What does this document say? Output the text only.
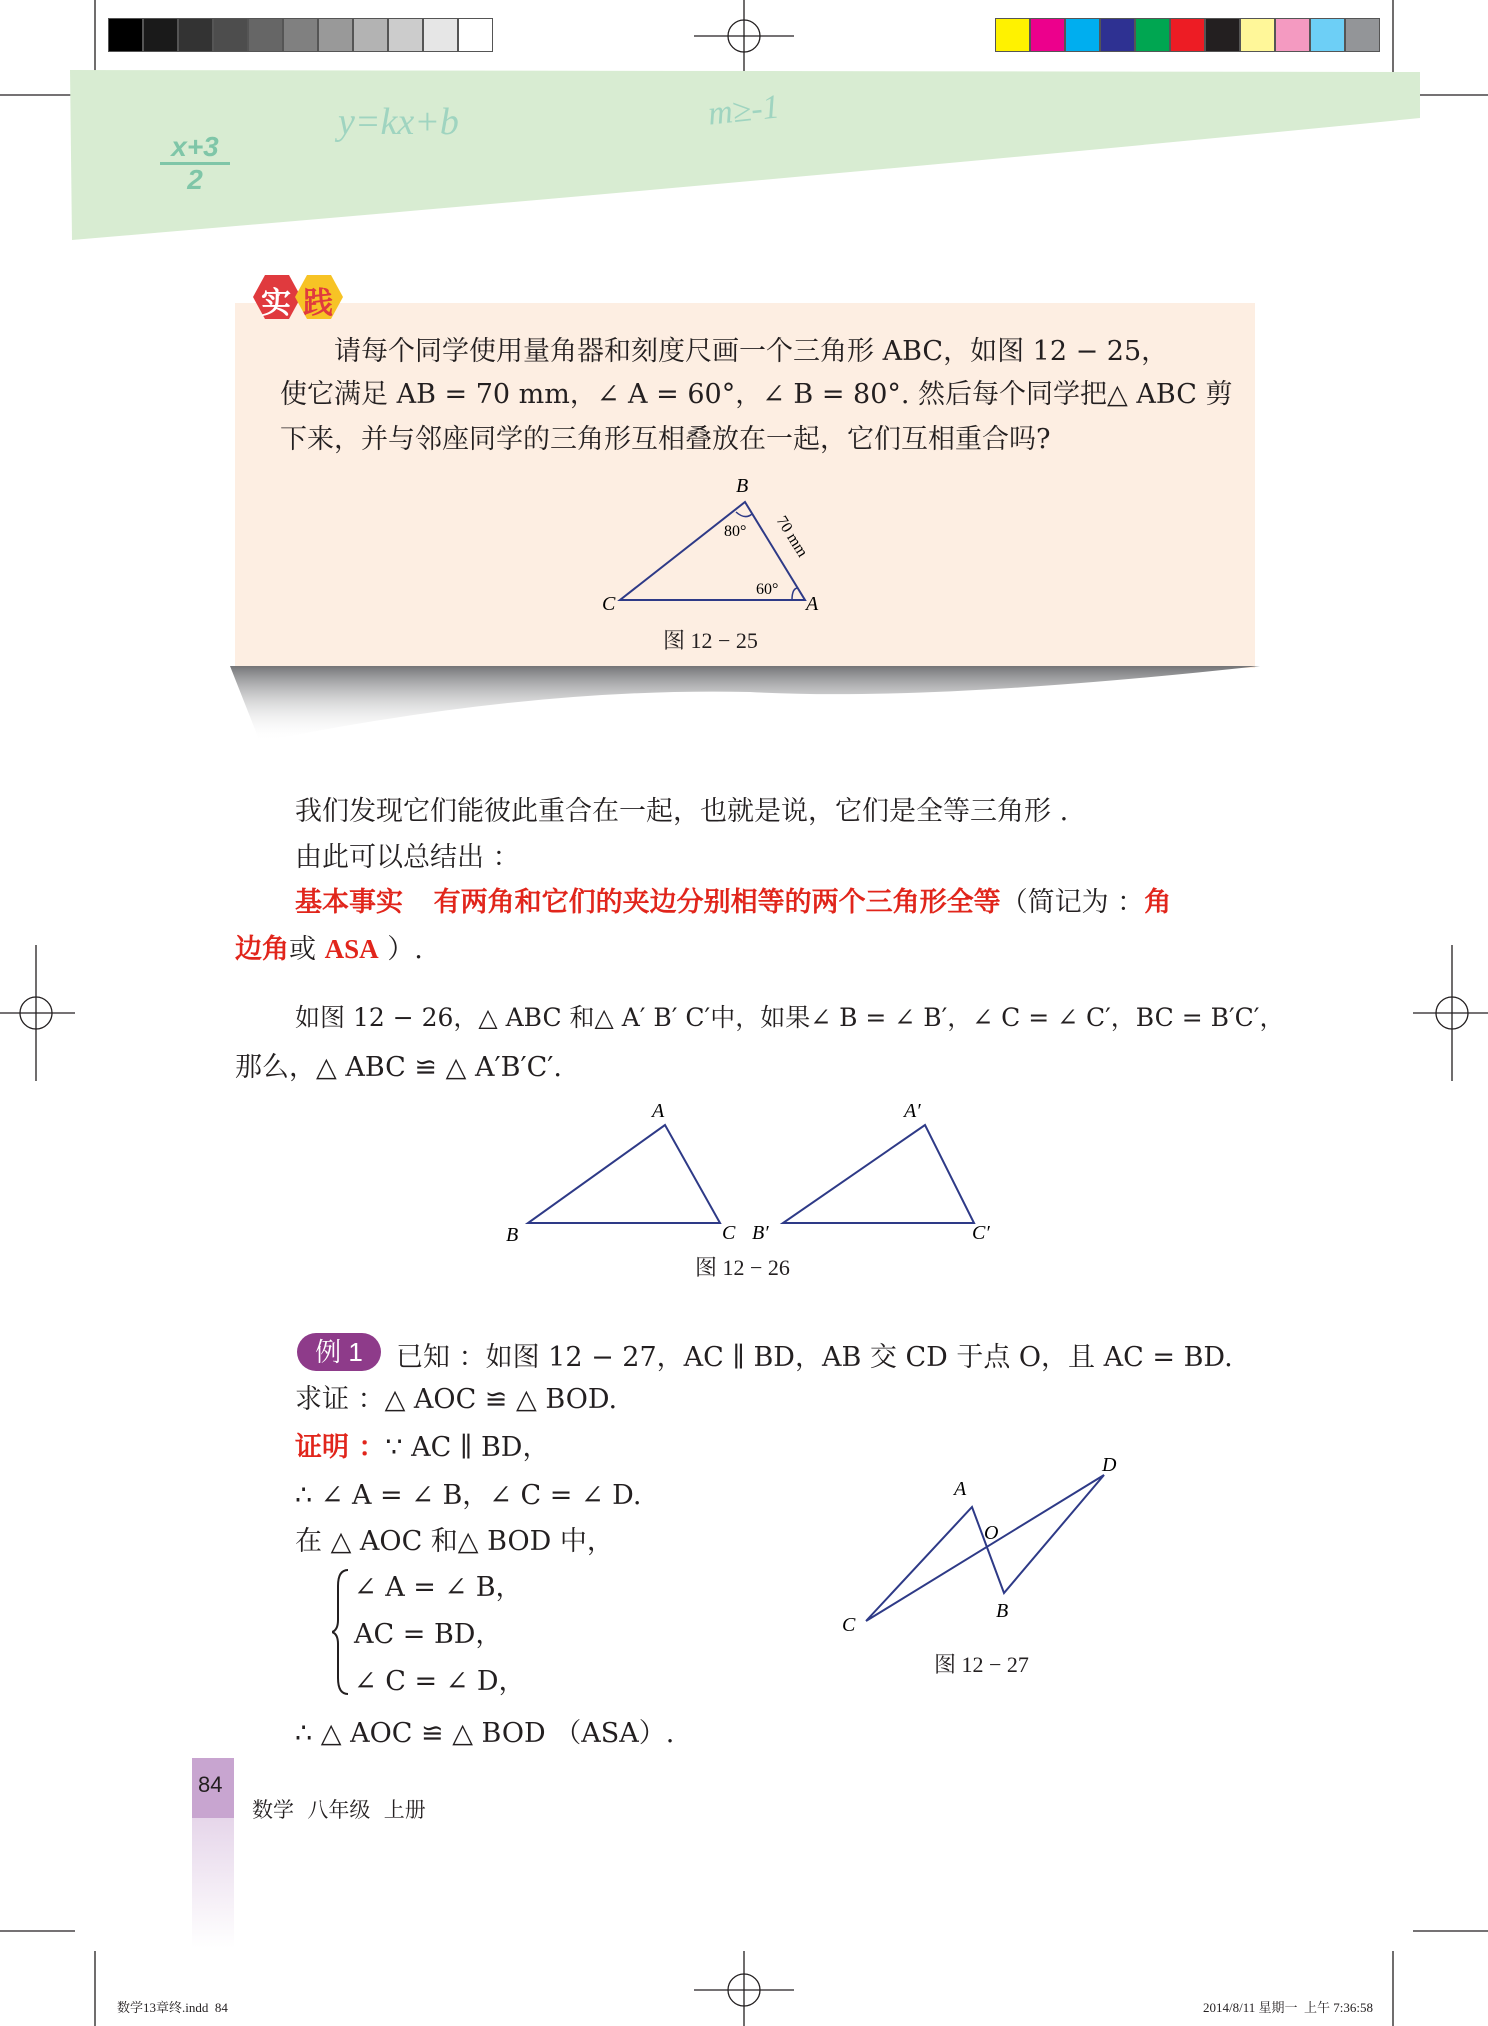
$\frac{x+3}{2}$
y=kx+b	m≥-1
实 践
请每个同学使用量角器和刻度尺画一个三角形 ABC，如图 12 − 25，
使它满足 AB = 70 mm，∠ A = 60°，∠ B = 80°. 然后每个同学把△ ABC 剪
下来，并与邻座同学的三角形互相叠放在一起，它们互相重合吗?
B
C	A
80°
60°
70 mm
图 12 − 25
我们发现它们能彼此重合在一起，也就是说，它们是全等三角形 .
由此可以总结出 ：
基本事实 有两角和它们的夹边分别相等的两个三角形全等（简记为 ：角
边角或 ASA ）.
如图 12 − 26，△ ABC 和△ A′ B′ C′中，如果∠ B = ∠ B′，∠ C = ∠ C′，BC = B′C′，
那么，△ ABC ≌ △ A′B′C′.
A
B	C
A′
B′	C′
图 12 − 26
例 1	已知 ：如图 12 − 27，AC ∥ BD，AB 交 CD 于点 O，且 AC = BD.
求证 ：△ AOC ≌ △ BOD.
证明 ：∵ AC ∥ BD，
∴ ∠ A = ∠ B，∠ C = ∠ D.
在 △ AOC 和△ BOD 中，
∠ A = ∠ B，
AC = BD，
∠ C = ∠ D，
∴ △ AOC ≌ △ BOD （ASA）.
A
B
C
D
O
图 12 − 27
84
数学  八年级  上册
数学13章终.indd  84	2014/8/11 星期一  上午 7:36:58
